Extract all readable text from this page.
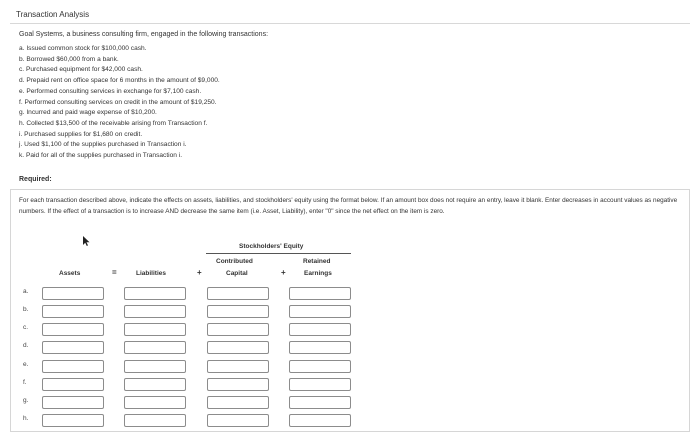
Transaction Analysis
Goal Systems, a business consulting firm, engaged in the following transactions:
a. Issued common stock for $100,000 cash.
b. Borrowed $60,000 from a bank.
c. Purchased equipment for $42,000 cash.
d. Prepaid rent on office space for 6 months in the amount of $9,000.
e. Performed consulting services in exchange for $7,100 cash.
f. Performed consulting services on credit in the amount of $19,250.
g. Incurred and paid wage expense of $10,200.
h. Collected $13,500 of the receivable arising from Transaction f.
i. Purchased supplies for $1,680 on credit.
j. Used $1,100 of the supplies purchased in Transaction i.
k. Paid for all of the supplies purchased in Transaction i.
Required:
For each transaction described above, indicate the effects on assets, liabilities, and stockholders' equity using the format below. If an amount box does not require an entry, leave it blank. Enter decreases in account values as negative numbers. If the effect of a transaction is to increase AND decrease the same item (i.e. Asset, Liability), enter "0" since the net effect on the item is zero.
Stockholders' Equity
Contributed	Retained
Assets	=	Liabilities	+	Capital	+	Earnings
a.
b.
c.
d.
e.
f.
g.
h.
